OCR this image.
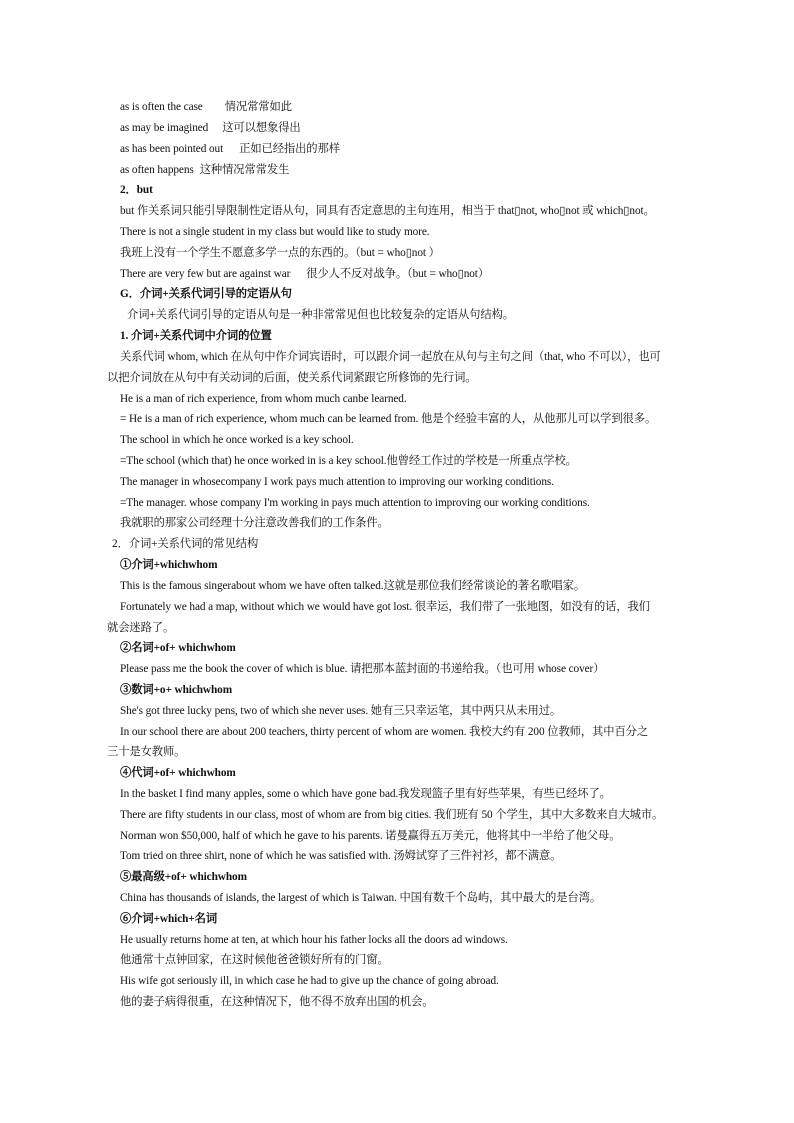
as is often the case 情况常常如此
as may be imagined 这可以想象得出
as has been pointed out 正如已经指出的那样
as often happens 这种情况常常发生
2．but
but 作关系词只能引导限制性定语从句，同具有否定意思的主句连用，相当于 that▯not, who▯not 或 which▯not。
There is not a single student in my class but would like to study more.
我班上没有一个学生不愿意多学一点的东西的。（but = who▯not ）
There are very few but are against war 很少人不反对战争。（but = who▯not）
G．介词+关系代词引导的定语从句
介词+关系代词引导的定语从句是一种非常常见但也比较复杂的定语从句结构。
1. 介词+关系代词中介词的位置
关系代词 whom, which 在从句中作介词宾语时，可以跟介词一起放在从句与主句之间（that, who 不可以），也可
以把介词放在从句中有关动词的后面，使关系代词紧跟它所修饰的先行词。
He is a man of rich experience, from whom much canbe learned.
= He is a man of rich experience, whom much can be learned from. 他是个经验丰富的人，从他那儿可以学到很多。
The school in which he once worked is a key school.
=The school (which that) he once worked in is a key school.他曾经工作过的学校是一所重点学校。
The manager in whosecompany I work pays much attention to improving our working conditions.
=The manager. whose company I'm working in pays much attention to improving our working conditions.
我就职的那家公司经理十分注意改善我们的工作条件。
2．介词+关系代词的常见结构
①介词+whichwhom
This is the famous singerabout whom we have often talked.这就是那位我们经常谈论的著名歌唱家。
Fortunately we had a map, without which we would have got lost. 很幸运，我们带了一张地图，如没有的话，我们
就会迷路了。
②名词+of+ whichwhom
Please pass me the book the cover of which is blue. 请把那本蓝封面的书递给我。（也可用 whose cover）
③数词+o+ whichwhom
She's got three lucky pens, two of which she never uses. 她有三只幸运笔，其中两只从未用过。
In our school there are about 200 teachers, thirty percent of whom are women. 我校大约有 200 位教师，其中百分之
三十是女教师。
④代词+of+ whichwhom
In the basket I find many apples, some o which have gone bad.我发现篮子里有好些苹果，有些已经坏了。
There are fifty students in our class, most of whom are from big cities. 我们班有 50 个学生，其中大多数来自大城市。
Norman won $50,000, half of which he gave to his parents. 诺曼赢得五万美元，他将其中一半给了他父母。
Tom tried on three shirt, none of which he was satisfied with. 汤姆试穿了三件衬衫，都不满意。
⑤最高级+of+ whichwhom
China has thousands of islands, the largest of which is Taiwan. 中国有数千个岛屿，其中最大的是台湾。
⑥介词+which+名词
He usually returns home at ten, at which hour his father locks all the doors ad windows.
他通常十点钟回家，在这时候他爸爸锁好所有的门窗。
His wife got seriously ill, in which case he had to give up the chance of going abroad.
他的妻子病得很重，在这种情况下，他不得不放弃出国的机会。
